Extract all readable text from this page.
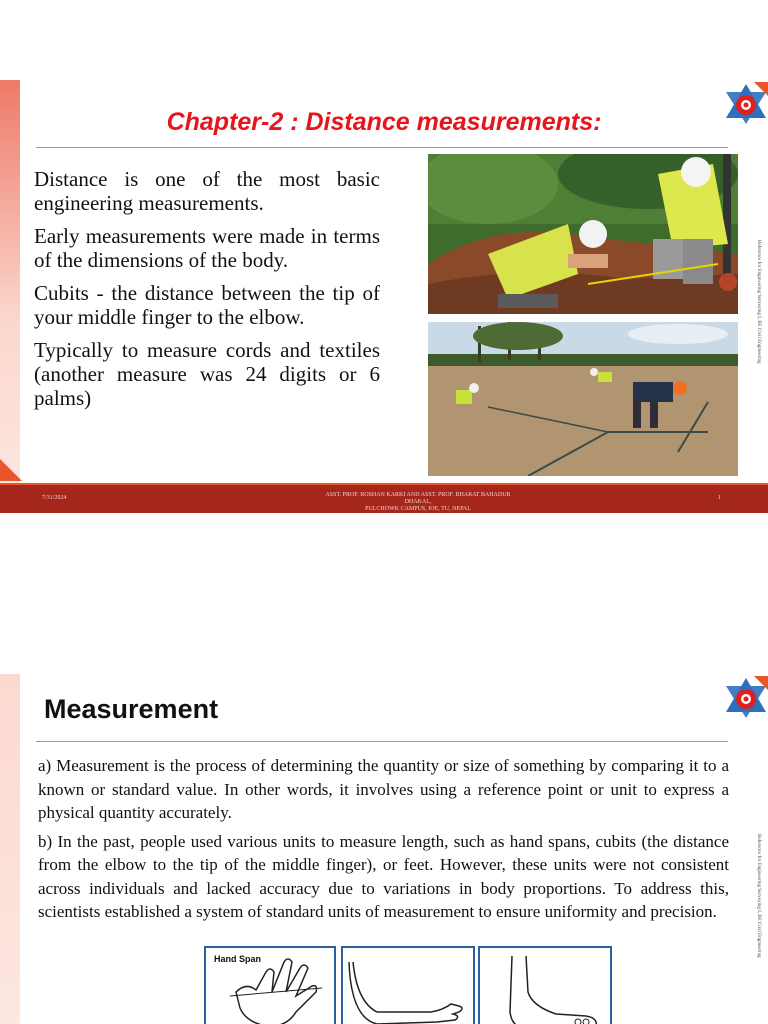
Chapter-2 : Distance measurements:
Reference for Engineering Surveying I, BE Civil Engineering

Distance is one of the most basic engineering measurements.

Early measurements were made in terms of the dimensions of the body.

Cubits - the distance between the tip of your middle finger to the elbow.

Typically to measure cords and textiles (another measure was 24 digits or 6 palms)

7/31/2024	ASST. PROF. ROSHAN KARKI AND ASST. PROF. BHARAT BAHADUR DHAKAL,
PULCHOWK CAMPUS, IOE, TU, NEPAL
1
Measurement
Reference for Engineering Surveying I, BE Civil Engineering

a) Measurement is the process of determining the quantity or size of something by comparing it to a known or standard value. In other words, it involves using a reference point or unit to express a physical quantity accurately.

b) In the past, people used various units to measure length, such as hand spans, cubits (the distance from the elbow to the tip of the middle finger), or feet. However, these units were not consistent across individuals and lacked accuracy due to variations in body proportions. To address this, scientists established a system of standard units of measurement to ensure uniformity and precision.

Hand Span
